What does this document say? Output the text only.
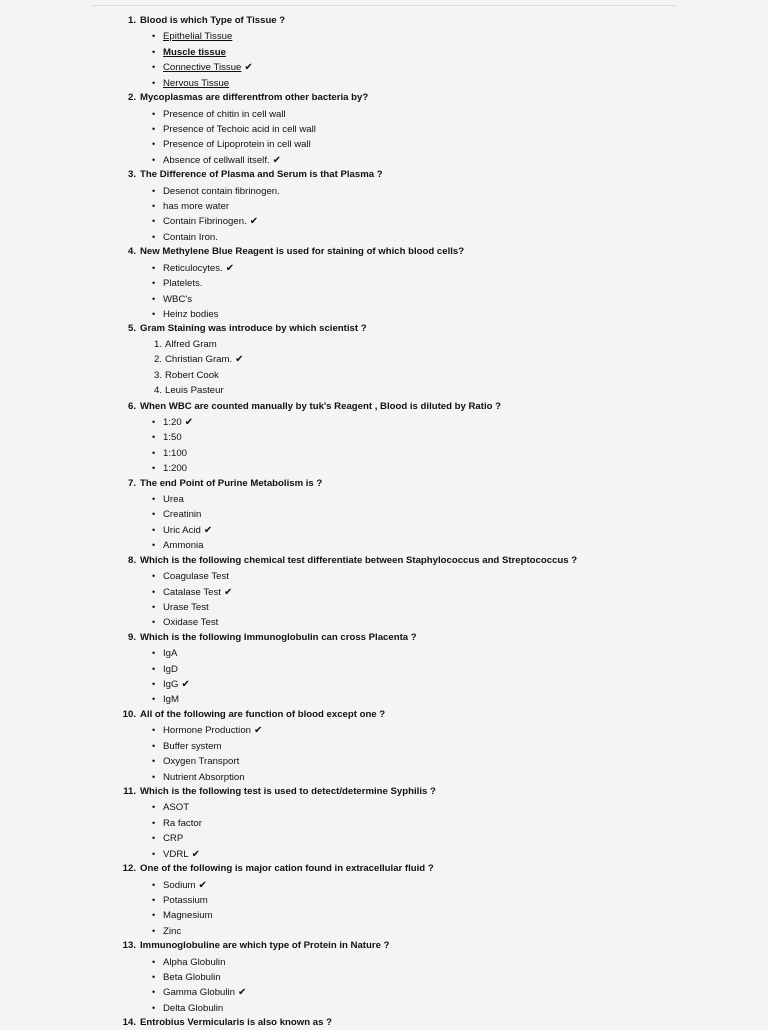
1. Blood is which Type of Tissue ?
• Epithelial Tissue
• Muscle tissue
• Connective Tissue ✔
• Nervous Tissue
2. Mycoplasmas are differentfrom other bacteria by?
• Presence of chitin in cell wall
• Presence of Techoic acid in cell wall
• Presence of Lipoprotein in cell wall
• Absence of cellwall itself. ✔
3. The Difference of Plasma and Serum is that Plasma ?
• Desenot contain fibrinogen.
• has more water
• Contain Fibrinogen. ✔
• Contain Iron.
4. New Methylene Blue Reagent is used for staining of which blood cells?
• Reticulocytes. ✔
• Platelets.
• WBC's
• Heinz bodies
5. Gram Staining was introduce by which scientist ?
1. Alfred Gram
2. Christian Gram. ✔
3. Robert Cook
4. Leuis Pasteur
6. When WBC are counted manually by tuk's Reagent , Blood is diluted by Ratio ?
• 1:20 ✔
• 1:50
• 1:100
• 1:200
7. The end Point of Purine Metabolism is ?
• Urea
• Creatinin
• Uric Acid ✔
• Ammonia
8. Which is the following chemical test differentiate between Staphylococcus and Streptococcus ?
• Coagulase Test
• Catalase Test ✔
• Urase Test
• Oxidase Test
9. Which is the following Immunoglobulin can cross Placenta ?
• IgA
• IgD
• IgG ✔
• IgM
10. All of the following are function of blood except one ?
• Hormone Production ✔
• Buffer system
• Oxygen Transport
• Nutrient Absorption
11. Which is the following test is used to detect/determine Syphilis ?
• ASOT
• Ra factor
• CRP
• VDRL ✔
12. One of the following is major cation found in extracellular fluid ?
• Sodium ✔
• Potassium
• Magnesium
• Zinc
13. Immunoglobuline are which type of Protein in Nature ?
• Alpha Globulin
• Beta Globulin
• Gamma Globulin ✔
• Delta Globulin
14. Entrobius Vermicularis is also known as ?
